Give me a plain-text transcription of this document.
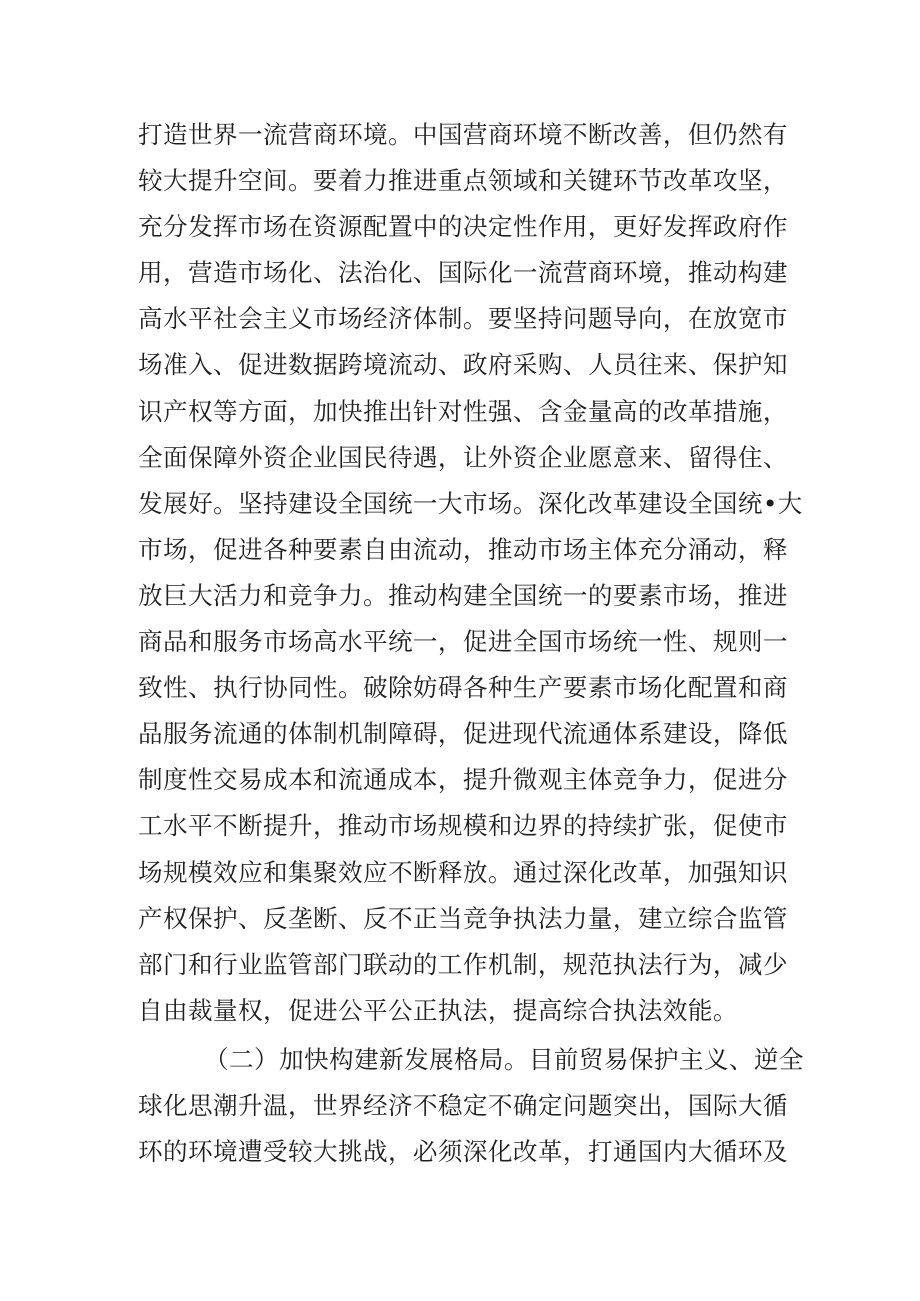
打造世界一流营商环境。中国营商环境不断改善，但仍然有
较大提升空间。要着力推进重点领域和关键环节改革攻坚，
充分发挥市场在资源配置中的决定性作用，更好发挥政府作
用，营造市场化、法治化、国际化一流营商环境，推动构建
高水平社会主义市场经济体制。要坚持问题导向，在放宽市
场准入、促进数据跨境流动、政府采购、人员往来、保护知
识产权等方面，加快推出针对性强、含金量高的改革措施，
全面保障外资企业国民待遇，让外资企业愿意来、留得住、
发展好。坚持建设全国统一大市场。深化改革建设全国统•大
市场，促进各种要素自由流动，推动市场主体充分涌动，释
放巨大活力和竞争力。推动构建全国统一的要素市场，推进
商品和服务市场高水平统一，促进全国市场统一性、规则一
致性、执行协同性。破除妨碍各种生产要素市场化配置和商
品服务流通的体制机制障碍，促进现代流通体系建设，降低
制度性交易成本和流通成本，提升微观主体竞争力，促进分
工水平不断提升，推动市场规模和边界的持续扩张，促使市
场规模效应和集聚效应不断释放。通过深化改革，加强知识
产权保护、反垄断、反不正当竞争执法力量，建立综合监管
部门和行业监管部门联动的工作机制，规范执法行为，减少
自由裁量权，促进公平公正执法，提高综合执法效能。
（二）加快构建新发展格局。目前贸易保护主义、逆全
球化思潮升温，世界经济不稳定不确定问题突出，国际大循
环的环境遭受较大挑战，必须深化改革，打通国内大循环及
